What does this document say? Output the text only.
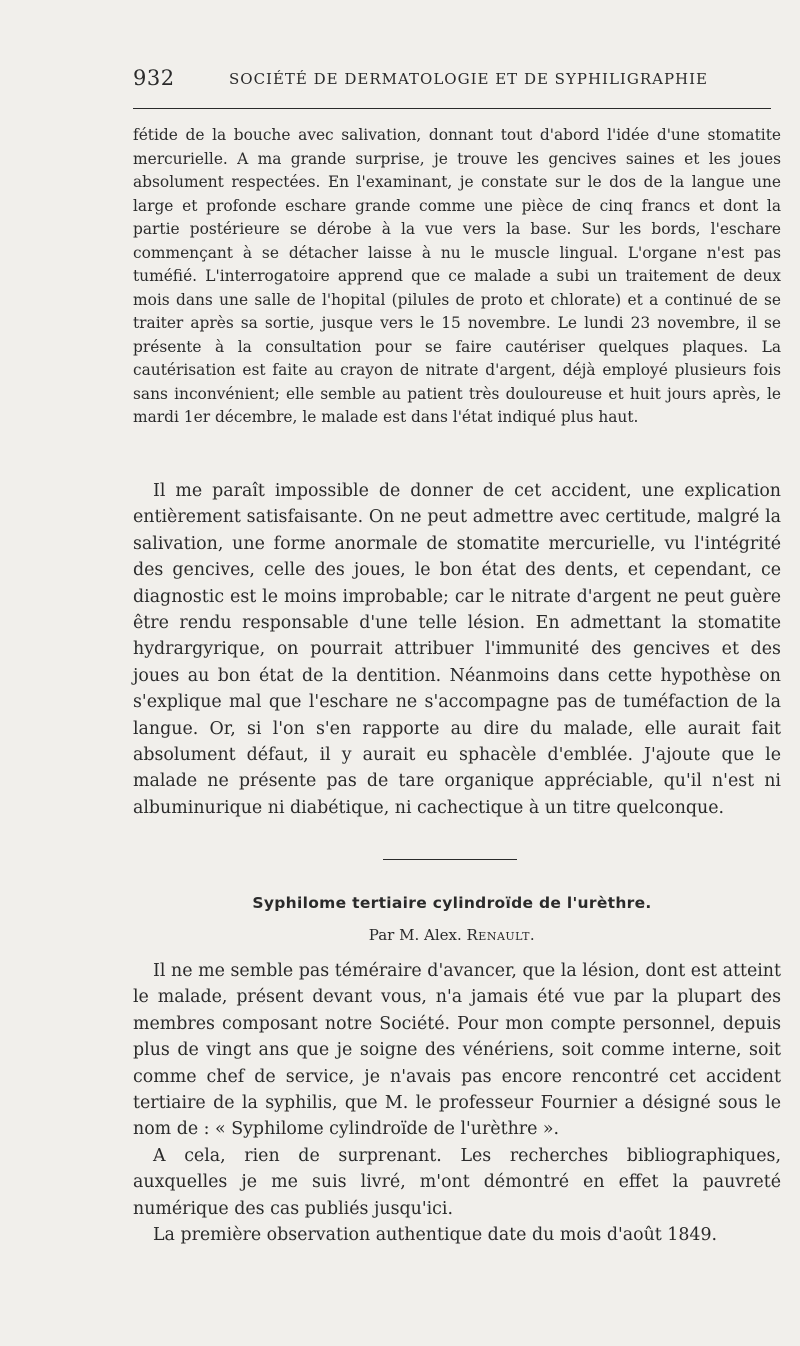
932	SOCIÉTÉ DE DERMATOLOGIE ET DE SYPHILIGRAPHIE

fétide de la bouche avec salivation, donnant tout d'abord l'idée d'une stomatite mercurielle. A ma grande surprise, je trouve les gencives saines et les joues absolument respectées. En l'examinant, je constate sur le dos de la langue une large et profonde eschare grande comme une pièce de cinq francs et dont la partie postérieure se dérobe à la vue vers la base. Sur les bords, l'eschare commençant à se détacher laisse à nu le muscle lingual. L'organe n'est pas tuméfié. L'interrogatoire apprend que ce malade a subi un traitement de deux mois dans une salle de l'hopital (pilules de proto et chlorate) et a continué de se traiter après sa sortie, jusque vers le 15 novembre. Le lundi 23 novembre, il se présente à la consultation pour se faire cautériser quelques plaques. La cautérisation est faite au crayon de nitrate d'argent, déjà employé plusieurs fois sans inconvénient; elle semble au patient très douloureuse et huit jours après, le mardi 1er décembre, le malade est dans l'état indiqué plus haut.

Il me paraît impossible de donner de cet accident, une explication entièrement satisfaisante. On ne peut admettre avec certitude, malgré la salivation, une forme anormale de stomatite mercurielle, vu l'intégrité des gencives, celle des joues, le bon état des dents, et cependant, ce diagnostic est le moins improbable; car le nitrate d'argent ne peut guère être rendu responsable d'une telle lésion. En admettant la stomatite hydrargyrique, on pourrait attribuer l'immunité des gencives et des joues au bon état de la dentition. Néanmoins dans cette hypothèse on s'explique mal que l'eschare ne s'accompagne pas de tuméfaction de la langue. Or, si l'on s'en rapporte au dire du malade, elle aurait fait absolument défaut, il y aurait eu sphacèle d'emblée. J'ajoute que le malade ne présente pas de tare organique appréciable, qu'il n'est ni albuminurique ni diabétique, ni cachectique à un titre quelconque.

Syphilome tertiaire cylindroïde de l'urèthre.
Par M. Alex. Renault.

Il ne me semble pas téméraire d'avancer, que la lésion, dont est atteint le malade, présent devant vous, n'a jamais été vue par la plupart des membres composant notre Société. Pour mon compte personnel, depuis plus de vingt ans que je soigne des vénériens, soit comme interne, soit comme chef de service, je n'avais pas encore rencontré cet accident tertiaire de la syphilis, que M. le professeur Fournier a désigné sous le nom de : « Syphilome cylindroïde de l'urèthre ».

A cela, rien de surprenant. Les recherches bibliographiques, auxquelles je me suis livré, m'ont démontré en effet la pauvreté numérique des cas publiés jusqu'ici.

La première observation authentique date du mois d'août 1849.
